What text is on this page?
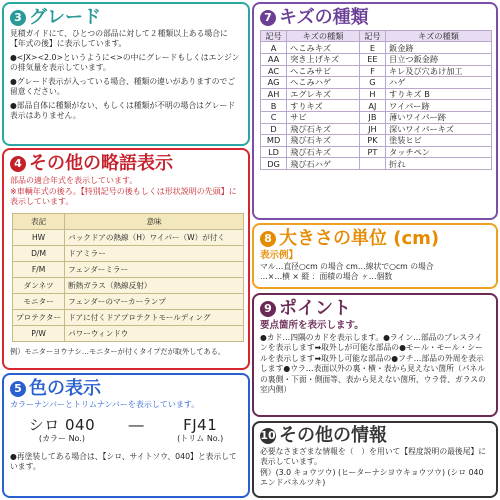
3 グレード

見積ガイドにて、ひとつの部品に対して２種類以上ある場合に【年式の後】に表示しています。

●<JX><2.0>というように<>の中にグレードもしくはエンジンの排気量を表示しています。

●グレード表示が入っている場合、種類の違いがありますのでご留意ください。

●部品自体に種類がない、もしくは種類が不明の場合はグレード表示はありません。

7 キズの種類
記号	キズの種類	記号	キズの種類
A	へこみキズ	E	鈑金跡
AA	突き上げキズ	EE	目立つ鈑金跡
AC	へこみサビ	F	キレ及び穴あけ加工
AG	へこみハゲ	G	ハゲ
AH	エグレキズ	H	すりキズ B
B	すりキズ	AJ	ワイパー跡
C	サビ	JB	薄いワイパー跡
D	飛び石キズ	JH	深いワイパーキズ
MD	飛び石キズ	PK	塗装ヒビ
LD	飛び石キズ	PT	タッチペン
DG	飛び石ハゲ		折れ
4 その他の略語表示

部品の適合年式を表示しています。

※車輌年式の後ろ。【特別記号の後もしくは形状説明の先頭】に表示しています。

表記	意味
HW	バックドアの熱線（H）ワイパー（W）が付く
D/M	ドアミラー
F/M	フェンダーミラー
ダンネツ	断熱ガラス（熱線反射）
モニター	フェンダーのマーカーランプ
プロテクター	ドアに付くドアプロテクトモールディング
P/W	パワーウィンドウ

例）モニターヨウナシ…モニターが付くタイプだが取外してある。

8 大きさの単位 (cm)

表示例】

マル…直径○cm の場合 cm…線状で○cm の場合

…×…横 × 縦 ：面積の場合 ヶ…個数

9 ポイント

要点箇所を表示します。

●カド…四隅のカドを表示します。●ライン…部品のプレスラインを表示します➡取外しが可能な部品の●モール・モール・シールを表示します➡取外し可能な部品の●フチ…部品の外周を表示します●ウラ…表面以外の裏・横・表から見えない箇所（パネルの裏側・下面・側面等、表から見えない箇所、ウラ骨、ガラスの室内側）

5 色の表示

カラーナンバーとトリムナンバーを表示しています。

シロ 040
(カラー No.)
―	FJ41
(トリム No.)

●再塗装してある場合は、【シロ、サイトソウ、040】と表示しています。

10 その他の情報

必要なさまざまな情報を（　）を用いて【程度説明の最後尾】に表示しています。

例）(3.0 キョウツウ) (ヒーターナシヨウキョウツウ) (シロ 040 エンドパネルツキ)
